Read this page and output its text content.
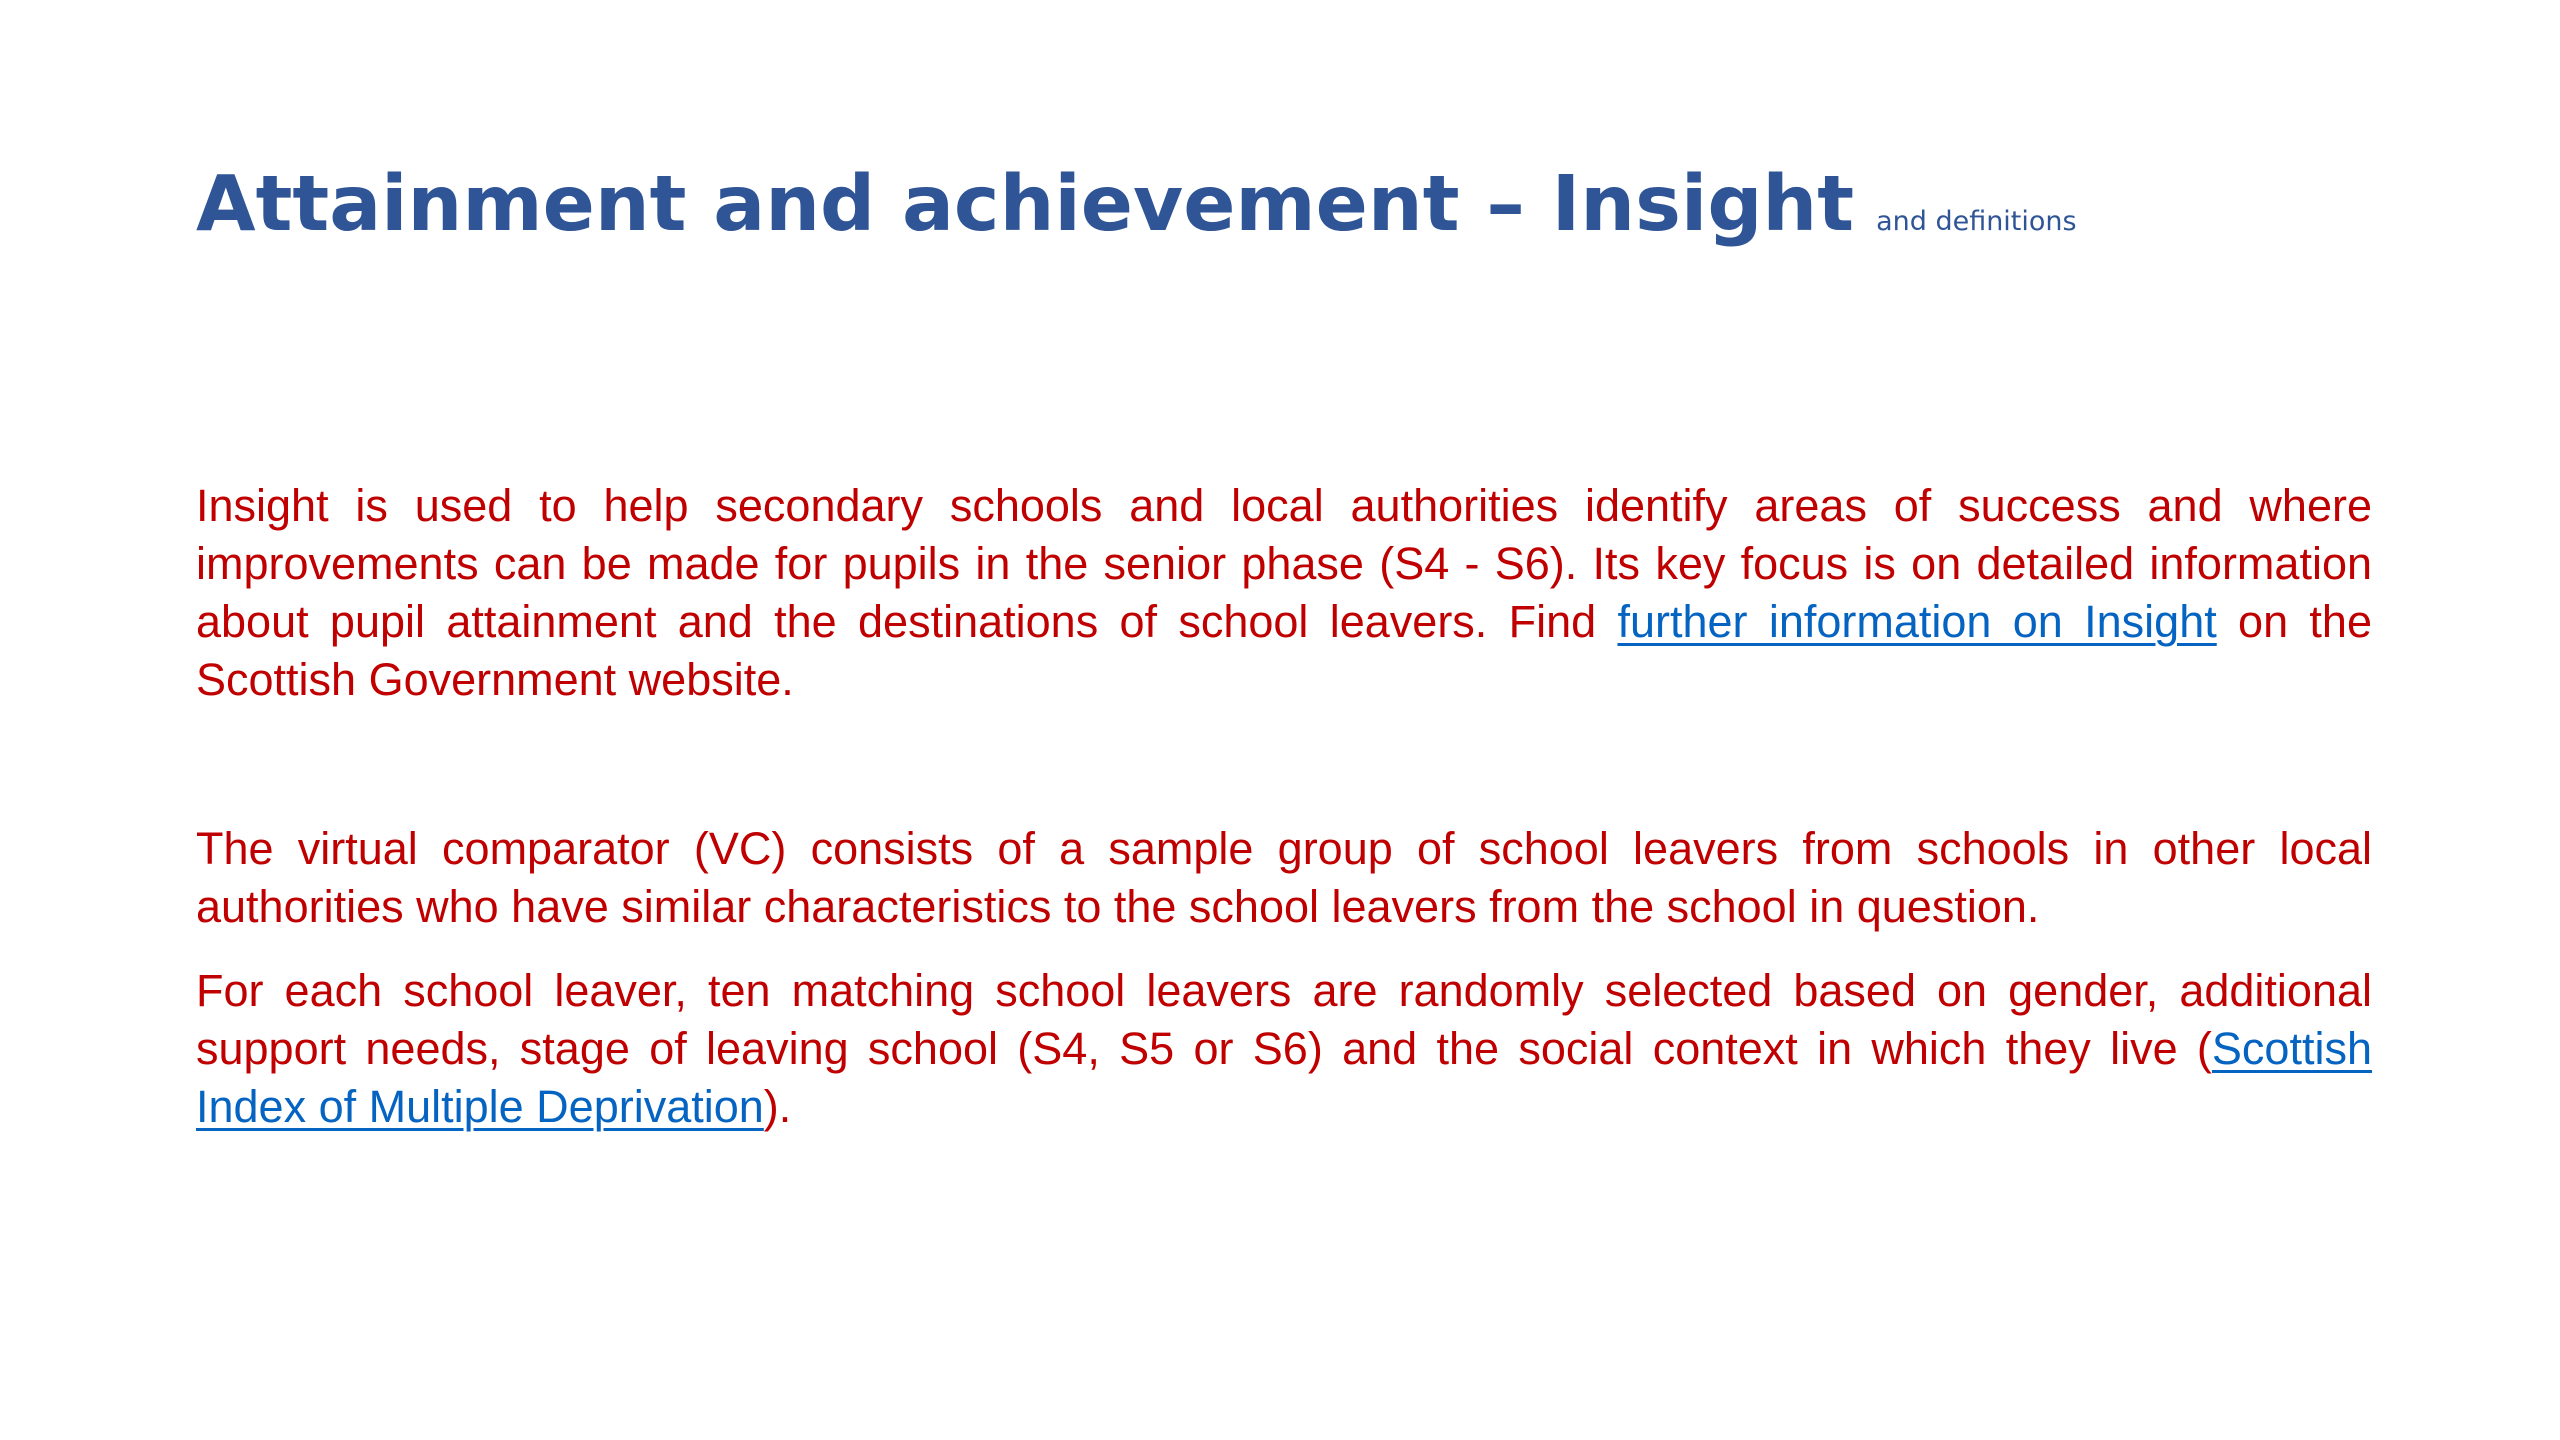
Attainment and achievement – Insight and definitions

Insight is used to help secondary schools and local authorities identify areas of success and where improvements can be made for pupils in the senior phase (S4 - S6). Its key focus is on detailed information about pupil attainment and the destinations of school leavers. Find further information on Insight on the Scottish Government website.

The virtual comparator (VC) consists of a sample group of school leavers from schools in other local authorities who have similar characteristics to the school leavers from the school in question.

For each school leaver, ten matching school leavers are randomly selected based on gender, additional support needs, stage of leaving school (S4, S5 or S6) and the social context in which they live (Scottish Index of Multiple Deprivation).
